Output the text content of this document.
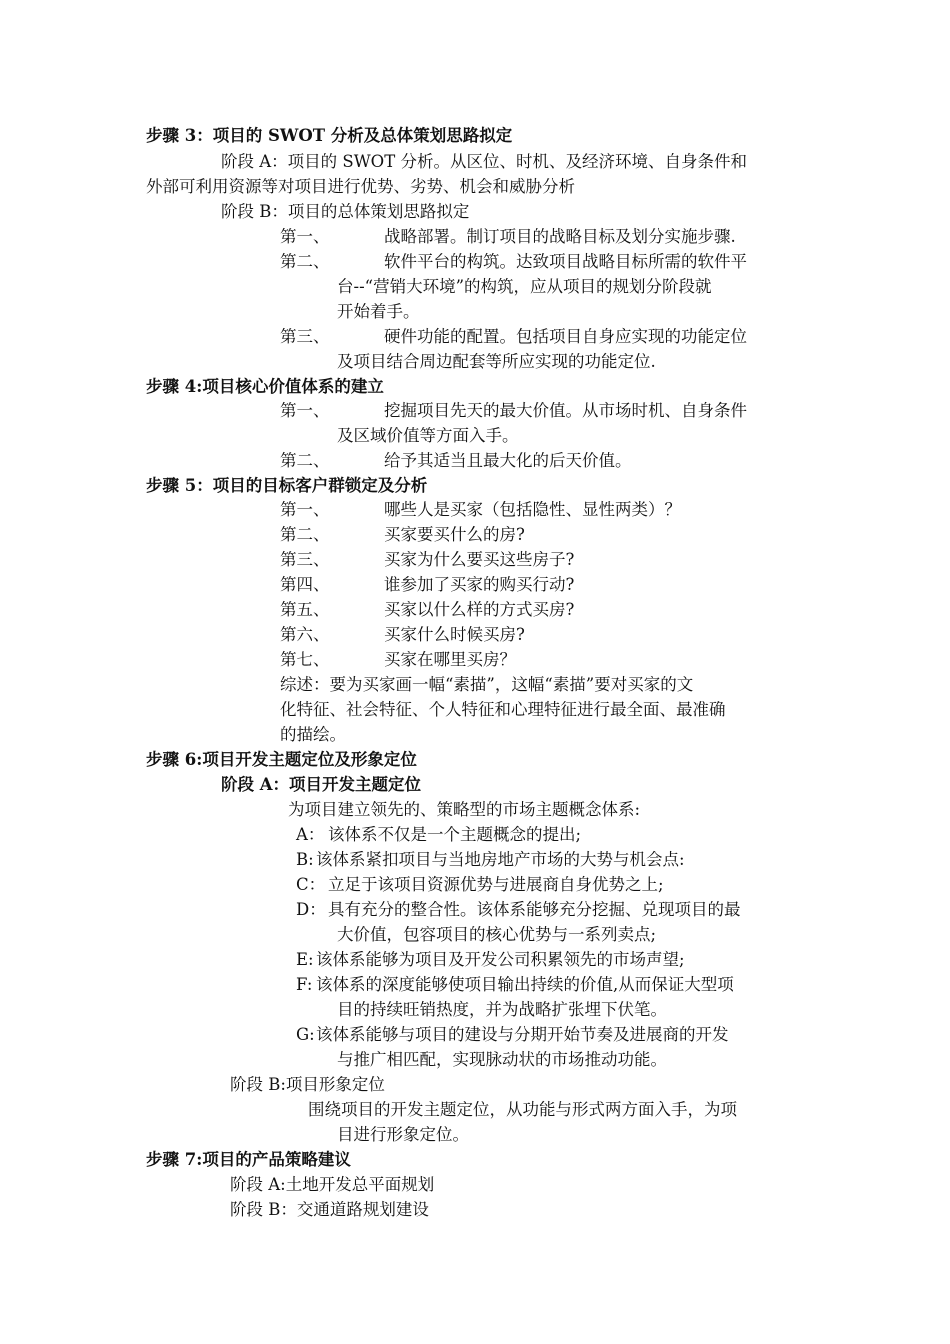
步骤 3：项目的 SWOT 分析及总体策划思路拟定
阶段 A：项目的 SWOT 分析。从区位、时机、及经济环境、自身条件和
外部可利用资源等对项目进行优势、劣势、机会和威胁分析
阶段 B：项目的总体策划思路拟定
第一、	战略部署。制订项目的战略目标及划分实施步骤.
第二、	软件平台的构筑。达致项目战略目标所需的软件平
台--“营销大环境”的构筑，应从项目的规划分阶段就
开始着手。
第三、	硬件功能的配置。包括项目自身应实现的功能定位
及项目结合周边配套等所应实现的功能定位.
步骤 4:项目核心价值体系的建立
第一、	挖掘项目先天的最大价值。从市场时机、自身条件
及区域价值等方面入手。
第二、	给予其适当且最大化的后天价值。
步骤 5：项目的目标客户群锁定及分析
第一、	哪些人是买家（包括隐性、显性两类）？
第二、	买家要买什么的房?
第三、	买家为什么要买这些房子?
第四、	谁参加了买家的购买行动?
第五、	买家以什么样的方式买房?
第六、	买家什么时候买房?
第七、	买家在哪里买房？
综述：要为买家画一幅“素描”，这幅“素描”要对买家的文
化特征、社会特征、个人特征和心理特征进行最全面、最准确
的描绘。
步骤 6:项目开发主题定位及形象定位
阶段 A：项目开发主题定位
为项目建立领先的、策略型的市场主题概念体系:
A： 该体系不仅是一个主题概念的提出;
B: 该体系紧扣项目与当地房地产市场的大势与机会点:
C： 立足于该项目资源优势与进展商自身优势之上;
D： 具有充分的整合性。该体系能够充分挖掘、兑现项目的最
大价值，包容项目的核心优势与一系列卖点;
E: 该体系能够为项目及开发公司积累领先的市场声望;
F: 该体系的深度能够使项目输出持续的价值,从而保证大型项
目的持续旺销热度，并为战略扩张埋下伏笔。
G: 该体系能够与项目的建设与分期开始节奏及进展商的开发
与推广相匹配，实现脉动状的市场推动功能。
阶段 B:项目形象定位
围绕项目的开发主题定位，从功能与形式两方面入手，为项
目进行形象定位。
步骤 7:项目的产品策略建议
阶段 A:土地开发总平面规划
阶段 B：交通道路规划建设
